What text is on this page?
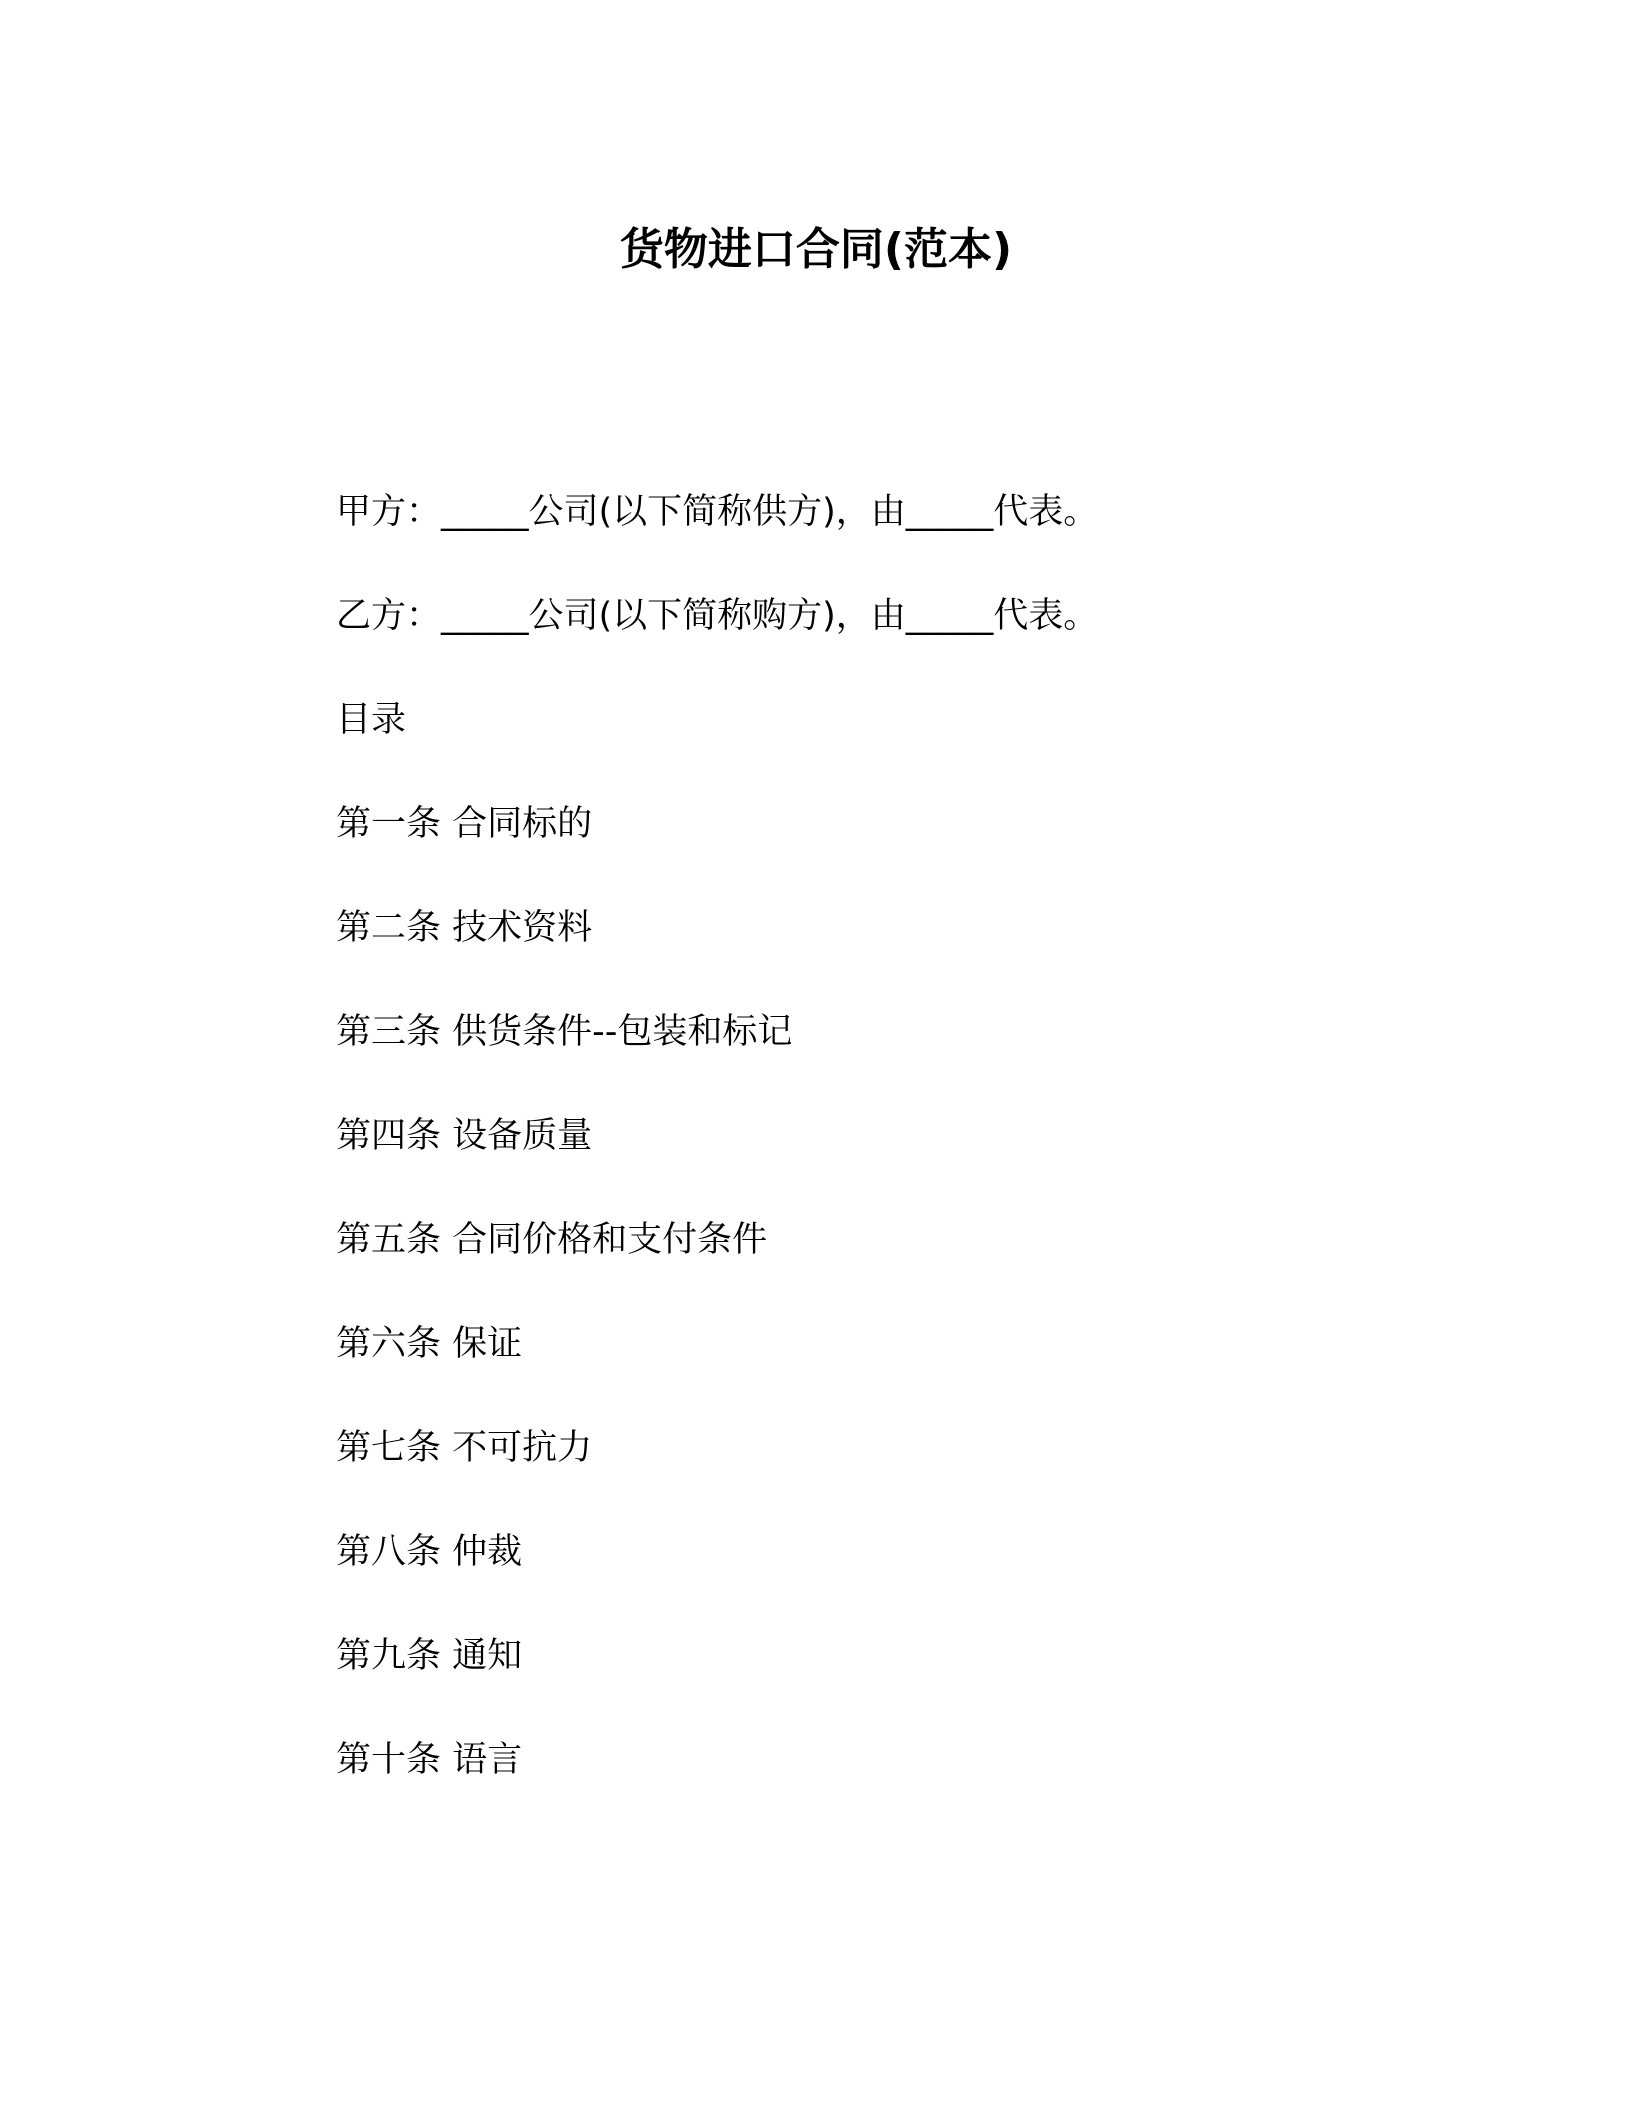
货物进口合同(范本)
甲方：_____公司(以下简称供方)，由_____代表。
乙方：_____公司(以下简称购方)，由_____代表。
目录
第一条 合同标的
第二条 技术资料
第三条 供货条件--包装和标记
第四条 设备质量
第五条 合同价格和支付条件
第六条 保证
第七条 不可抗力
第八条 仲裁
第九条 通知
第十条 语言
